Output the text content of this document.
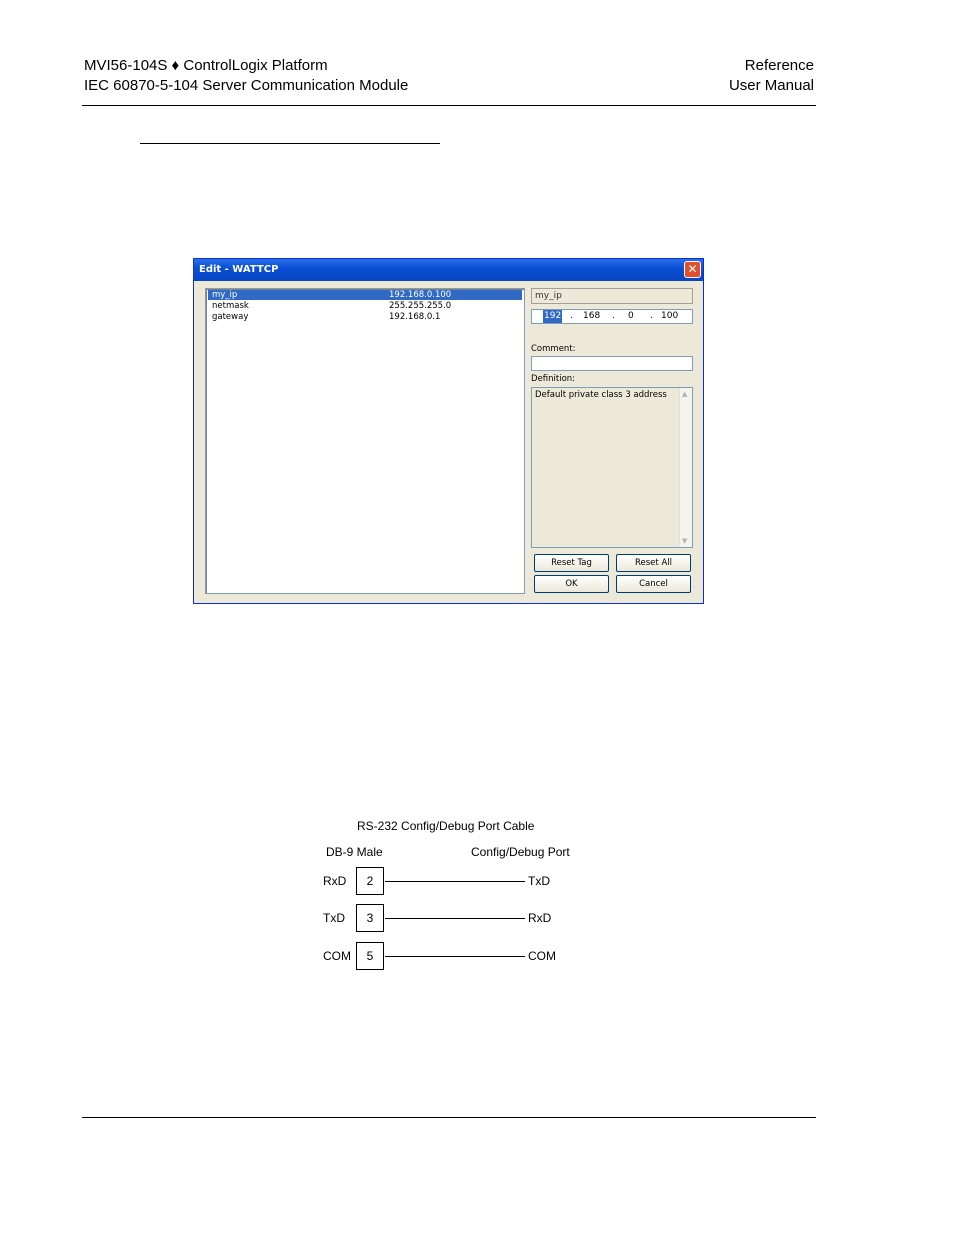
MVI56-104S ♦ ControlLogix Platform
IEC 60870-5-104 Server Communication Module
Reference
User Manual
Edit - WATTCP	✕
my_ip	192.168.0.100
netmask	255.255.255.0
gateway	192.168.0.1
my_ip
192 . 168 . 0 . 100
Comment:
Definition:
Default private class 3 address ▲
▼
Reset Tag	Reset All
OK	Cancel
RS-232 Config/Debug Port Cable
DB-9 Male	Config/Debug Port
RxD	2	TxD
TxD	3	RxD
COM	5	COM
